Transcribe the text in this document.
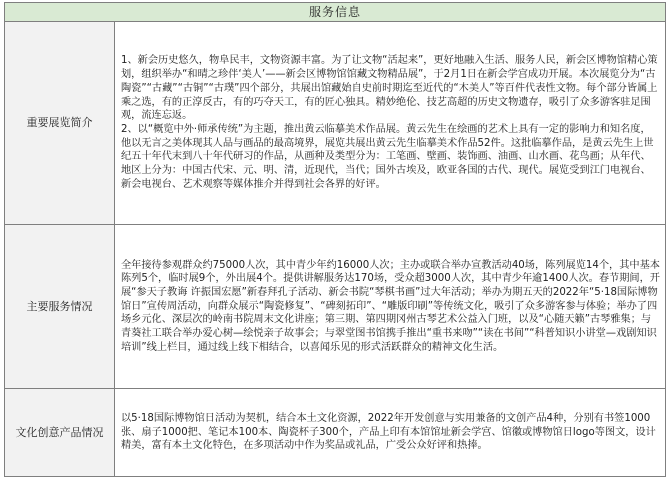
服务信息	
重要展览简介	1、新会历史悠久，物阜民丰，文物资源丰富。为了让文物“活起来”，更好地融入生活、服务人民，新会区博物馆精心策划，组织举办“和晴之珍伴‘美人’——新会区博物馆馆藏文物精品展”，于2月1日在新会学宫成功开展。本次展览分为“古陶瓷”“古藏”“古铜”“古璞”四个部分，共展出馆藏始自史前时期迄至近代的“木美人”等百件代表性文物。每个部分皆属上乘之选，有的正淳反古，有的巧夺天工，有的匠心独具。精妙绝伦、技艺高超的历史文物遗存，吸引了众多游客驻足围观，流连忘返。

2、以“概览中外·师承传统”为主题，推出黄云临摹美术作品展。黄云先生在绘画的艺术上具有一定的影响力和知名度，他以无言之美体现其人品与画品的最高境界，展览共展出黄云先生临摹美术作品52件。这批临摹作品，是黄云先生上世纪五十年代末到八十年代研习的作品，从画种及类型分为：工笔画、壁画、装饰画、油画、山水画、花鸟画；从年代、地区上分为：中国古代宋、元、明、清，近现代，当代；国外古埃及，欧亚各国的古代、现代。展览受到江门电视台、新会电视台、艺术观察等媒体推介并得到社会各界的好评。

主要服务情况	全年接待参观群众约75000人次，其中青少年约16000人次；主办或联合举办宣教活动40场，陈列展览14个，其中基本陈列5个，临时展9个，外出展4个。提供讲解服务达170场，受众超3000人次，其中青少年逾1400人次。春节期间，开展“参天子教诲 许振国宏愿”新春拜孔子活动、新会书院“琴棋书画”过大年活动；举办为期五天的2022年“5·18国际博物馆日”宣传周活动，向群众展示“陶瓷修复”、“碑刻拓印”、“雕版印刷”等传统文化，吸引了众多游客参与体验；举办了四场乡元化、深层次的岭南书院周末文化讲座；第三期、第四期冈州古琴艺术公益入门班，以及“心随天籁”古琴雅集；与青葵社工联合举办爱心树—绘悦亲子故事会；与翠堂图书馆携手推出“重书来吻”“读在书间”“科普知识小讲堂—戏剧知识培训”线上栏目，通过线上线下相结合，以喜闻乐见的形式活跃群众的精神文化生活。

文化创意产品情况	以5·18国际博物馆日活动为契机，结合本土文化资源，2022年开发创意与实用兼备的文创产品4种，分别有书签1000张、扇子1000把、笔记本100本、陶瓷杯子300个，产品上印有本馆馆址新会学宫、馆徽或博物馆日logo等图文，设计精美，富有本土文化特色，在多项活动中作为奖品或礼品，广受公众好评和热捧。
